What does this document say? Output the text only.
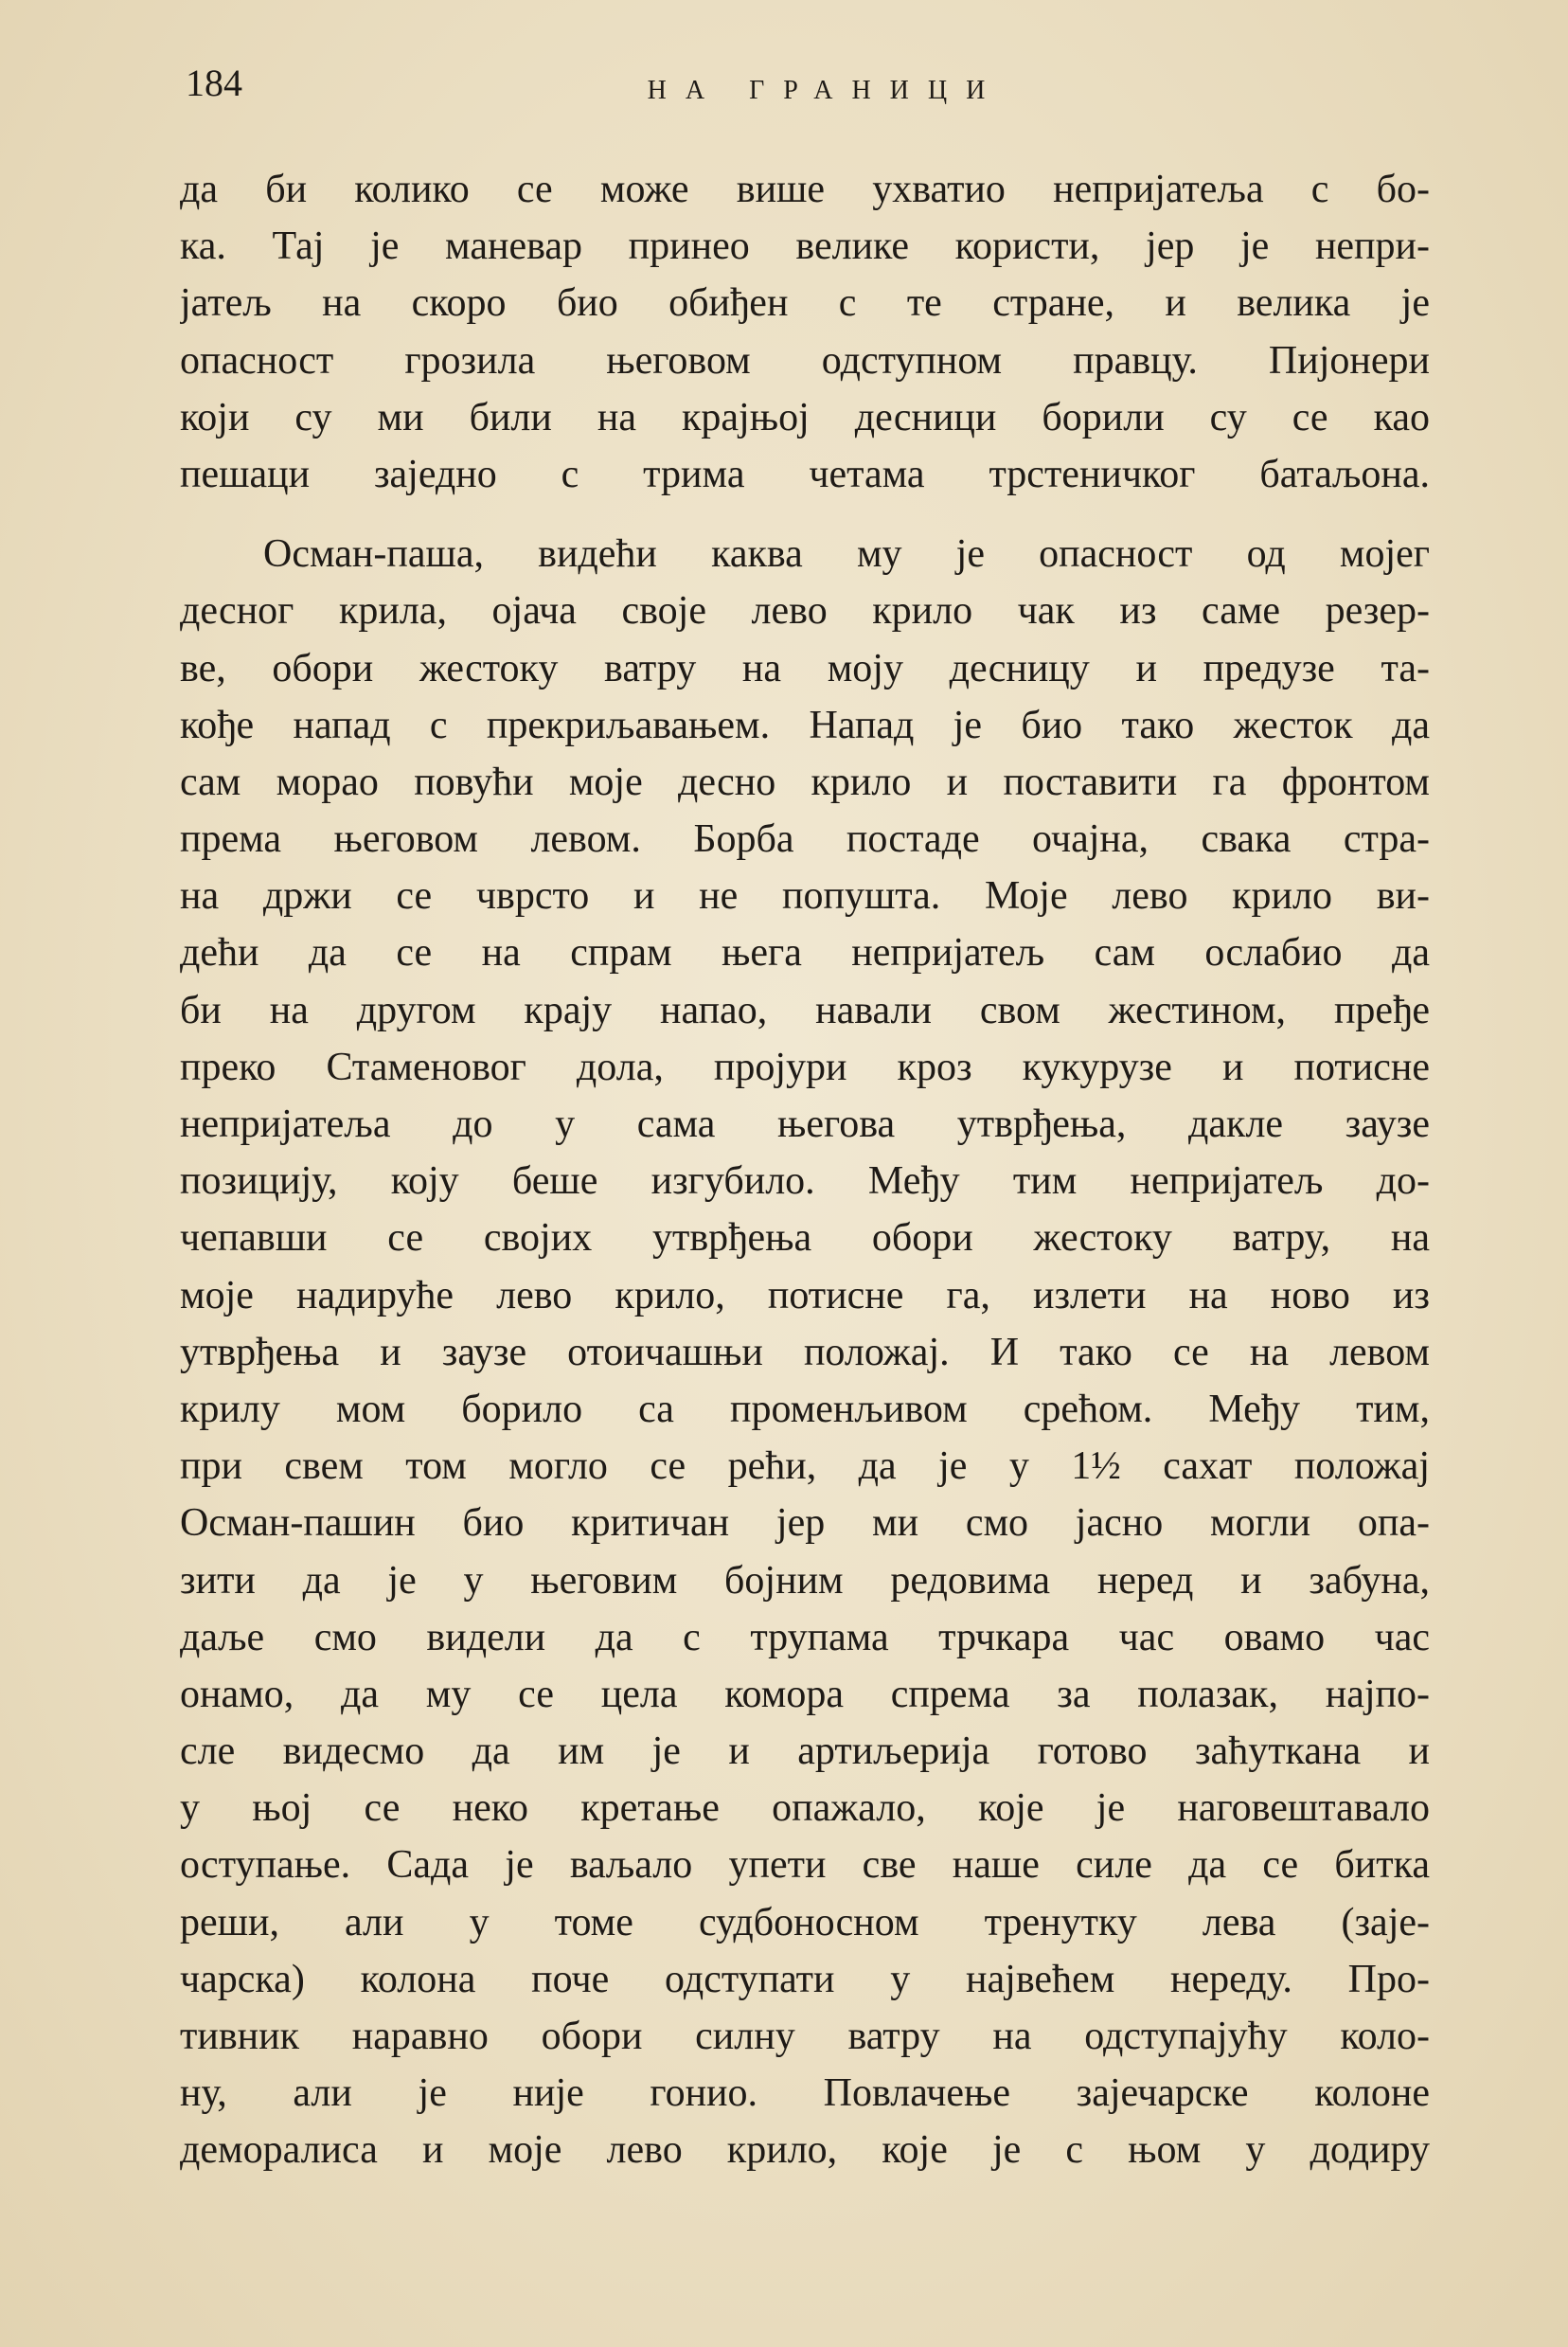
184	НА ГРАНИЦИ
да би колико се може више ухватио непријатеља с бо-
ка. Тај је маневар принео велике користи, јер је непри-
јатељ на скоро био обиђен с те стране, и велика је
опасност грозила његовом одступном правцу. Пијонери
који су ми били на крајњој десници борили су се као
пешаци заједно с трима четама трстеничког батаљона.
Осман-паша, видећи каква му је опасност од мојег
десног крила, ојача своје лево крило чак из саме резер-
ве, обори жестоку ватру на моју десницу и предузе та-
кође напад с прекриљавањем. Напад је био тако жесток да
сам морао повући моје десно крило и поставити га фронтом
према његовом левом. Борба постаде очајна, свака стра-
на држи се чврсто и не попушта. Моје лево крило ви-
дећи да се на спрам њега непријатељ сам ослабио да
би на другом крају напао, навали свом жестином, пређе
преко Стаменовог дола, пројури кроз кукурузе и потисне
непријатеља до у сама његова утврђења, дакле заузе
позицију, коју беше изгубило. Међу тим непријатељ до-
чепавши се својих утврђења обори жестоку ватру, на
моје надируће лево крило, потисне га, излети на ново из
утврђења и заузе отоичашњи положај. И тако се на левом
крилу мом борило са променљивом срећом. Међу тим,
при свем том могло се рећи, да је у 1½ сахат положај
Осман-пашин био критичан јер ми смо јасно могли опа-
зити да је у његовим бојним редовима неред и забуна,
даље смо видели да с трупама трчкара час овамо час
онамо, да му се цела комора спрема за полазак, најпо-
сле видесмо да им је и артиљерија готово заћуткана и
у њој се неко кретање опажало, које је наговештавало
оступање. Сада је ваљало упети све наше силе да се битка
реши, али у томе судбоносном тренутку лева (зaје-
чарска) колона поче одступати у највећем нереду. Про-
тивник наравно обори силну ватру на одступајућу коло-
ну, али је није гонио. Повлачење зајечарске колоне
деморалиса и моје лево крило, које је с њом у додиру
